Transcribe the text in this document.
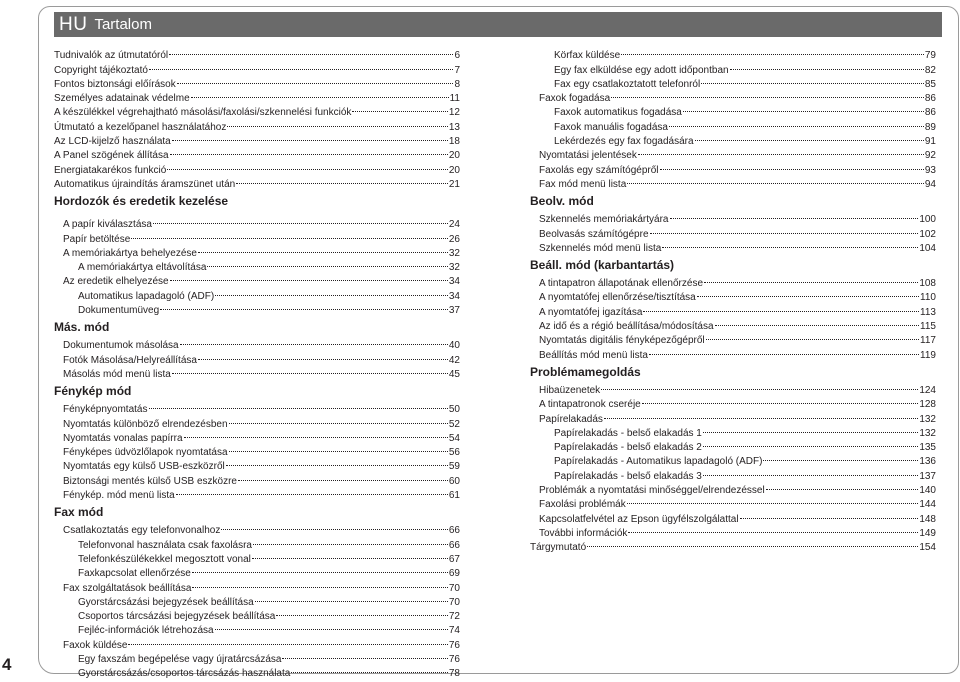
HU Tartalom
Tudnivalók az útmutatóról	6
Copyright tájékoztató	7
Fontos biztonsági előírások	8
Személyes adatainak védelme	11
A készülékkel végrehajtható másolási/faxolási/szkennelési funkciók	12
Útmutató a kezelőpanel használatához	13
Az LCD-kijelző használata	18
A Panel szögének állítása	20
Energiatakarékos funkció	20
Automatikus újraindítás áramszünet után	21
Hordozók és eredetik kezelése
A papír kiválasztása	24
Papír betöltése	26
A memóriakártya behelyezése	32
A memóriakártya eltávolítása	32
Az eredetik elhelyezése	34
Automatikus lapadagoló (ADF)	34
Dokumentumüveg	37
Más. mód
Dokumentumok másolása	40
Fotók Másolása/Helyreállítása	42
Másolás mód menü lista	45
Fénykép mód
Fényképnyomtatás	50
Nyomtatás különböző elrendezésben	52
Nyomtatás vonalas papírra	54
Fényképes üdvözlőlapok nyomtatása	56
Nyomtatás egy külső USB-eszközről	59
Biztonsági mentés külső USB eszközre	60
Fénykép. mód menü lista	61
Fax mód
Csatlakoztatás egy telefonvonalhoz	66
Telefonvonal használata csak faxolásra	66
Telefonkészülékekkel megosztott vonal	67
Faxkapcsolat ellenőrzése	69
Fax szolgáltatások beállítása	70
Gyorstárcsázási bejegyzések beállítása	70
Csoportos tárcsázási bejegyzések beállítása	72
Fejléc-információk létrehozása	74
Faxok küldése	76
Egy faxszám begépelése vagy újratárcsázása	76
Gyorstárcsázás/csoportos tárcsázás használata	78
Körfax küldése	79
Egy fax elküldése egy adott időpontban	82
Fax egy csatlakoztatott telefonról	85
Faxok fogadása	86
Faxok automatikus fogadása	86
Faxok manuális fogadása	89
Lekérdezés egy fax fogadására	91
Nyomtatási jelentések	92
Faxolás egy számítógépről	93
Fax mód menü lista	94
Beolv. mód
Szkennelés memóriakártyára	100
Beolvasás számítógépre	102
Szkennelés mód menü lista	104
Beáll. mód (karbantartás)
A tintapatron állapotának ellenőrzése	108
A nyomtatófej ellenőrzése/tisztítása	110
A nyomtatófej igazítása	113
Az idő és a régió beállítása/módosítása	115
Nyomtatás digitális fényképezőgépről	117
Beállítás mód menü lista	119
Problémamegoldás
Hibaüzenetek	124
A tintapatronok cseréje	128
Papírelakadás	132
Papírelakadás - belső elakadás 1	132
Papírelakadás - belső elakadás 2	135
Papírelakadás - Automatikus lapadagoló (ADF)	136
Papírelakadás - belső elakadás 3	137
Problémák a nyomtatási minőséggel/elrendezéssel	140
Faxolási problémák	144
Kapcsolatfelvétel az Epson ügyfélszolgálattal	148
További információk	149
Tárgymutató	154
4
